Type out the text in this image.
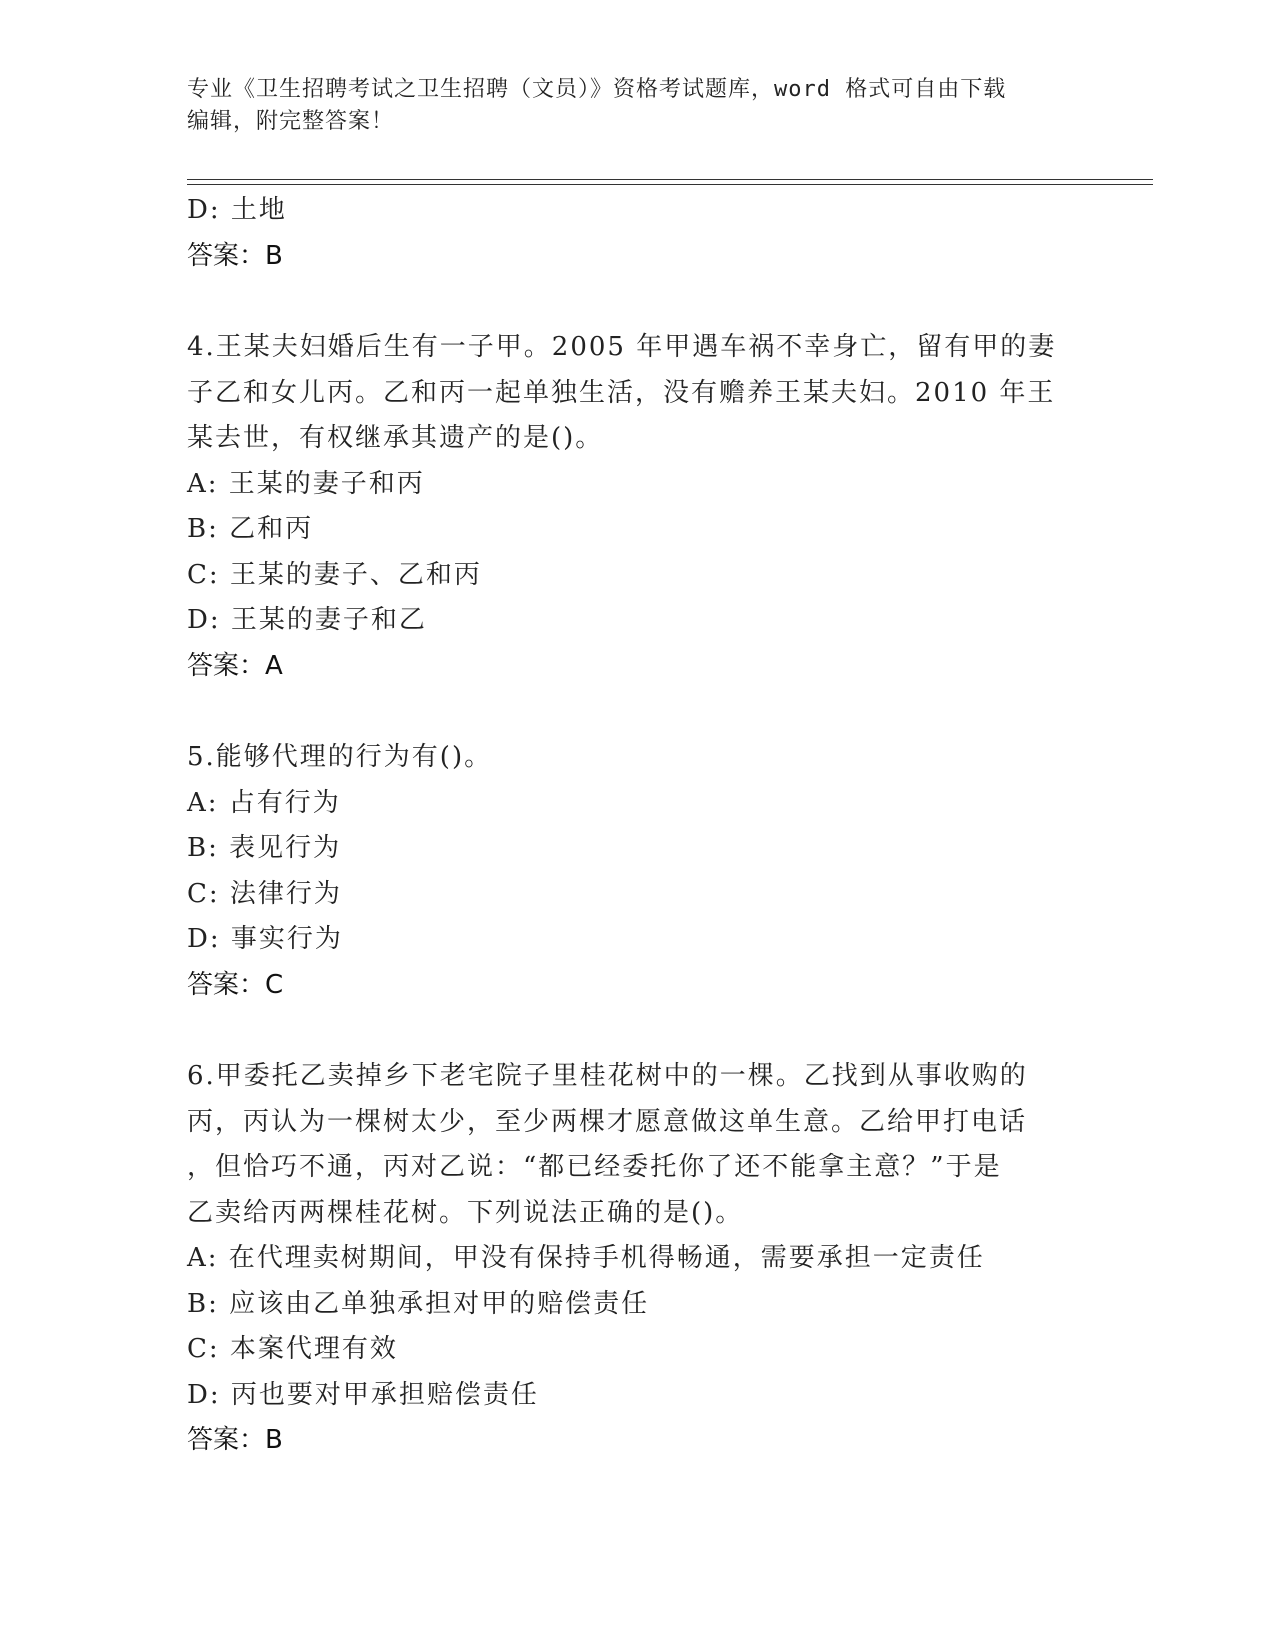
专业《卫生招聘考试之卫生招聘（文员）》资格考试题库，word 格式可自由下载
编辑，附完整答案！
D: 土地
答案：B
4.王某夫妇婚后生有一子甲。2005 年甲遇车祸不幸身亡，留有甲的妻
子乙和女儿丙。乙和丙一起单独生活，没有赡养王某夫妇。2010 年王
某去世，有权继承其遗产的是()。
A: 王某的妻子和丙
B: 乙和丙
C: 王某的妻子、乙和丙
D: 王某的妻子和乙
答案：A
5.能够代理的行为有()。
A: 占有行为
B: 表见行为
C: 法律行为
D: 事实行为
答案：C
6.甲委托乙卖掉乡下老宅院子里桂花树中的一棵。乙找到从事收购的
丙，丙认为一棵树太少，至少两棵才愿意做这单生意。乙给甲打电话
，但恰巧不通，丙对乙说：“都已经委托你了还不能拿主意？”于是
乙卖给丙两棵桂花树。下列说法正确的是()。
A: 在代理卖树期间，甲没有保持手机得畅通，需要承担一定责任
B: 应该由乙单独承担对甲的赔偿责任
C: 本案代理有效
D: 丙也要对甲承担赔偿责任
答案：B
